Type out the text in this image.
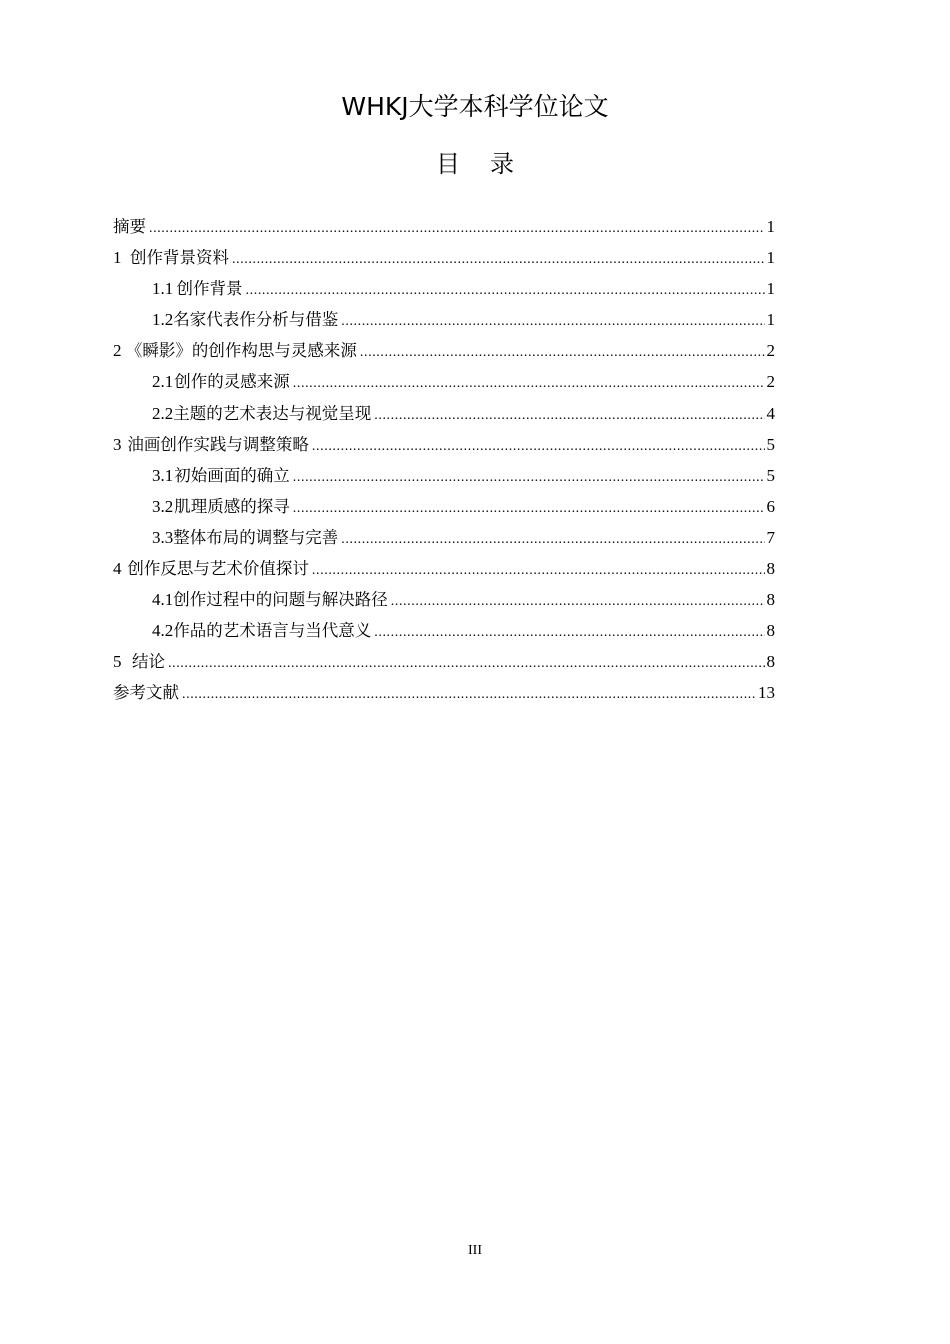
WHKJ大学本科学位论文
目 录
摘要 .....	1
1 创作背景资料 .....	1
1.1 创作背景 .....	1
1.2 名家代表作分析与借鉴 .....	1
2 《瞬影》的创作构思与灵感来源 .....	2
2.1 创作的灵感来源 .....	2
2.2 主题的艺术表达与视觉呈现 .....	4
3 油画创作实践与调整策略 .....	5
3.1 初始画面的确立 .....	5
3.2 肌理质感的探寻 .....	6
3.3 整体布局的调整与完善 .....	7
4 创作反思与艺术价值探讨 .....	8
4.1 创作过程中的问题与解决路径 .....	8
4.2 作品的艺术语言与当代意义 .....	8
5 结论 .....	8
参考文献 .....	13
III
